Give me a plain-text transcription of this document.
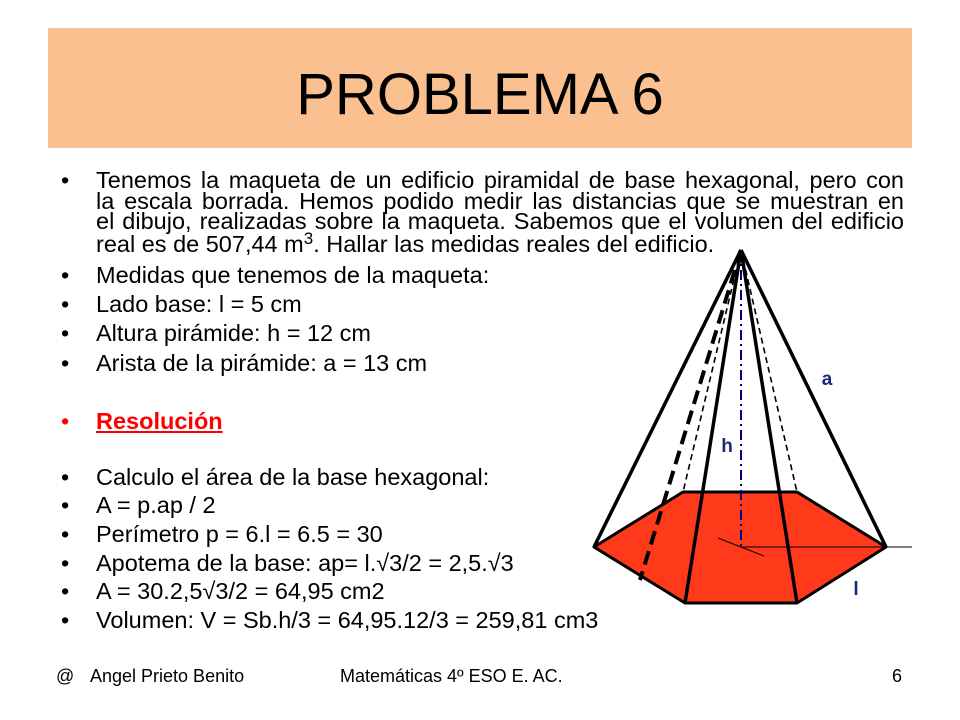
PROBLEMA 6
•
Tenemos la maqueta de un edificio piramidal de base hexagonal, pero con
la escala borrada. Hemos podido medir las distancias que se muestran en
el dibujo, realizadas sobre la maqueta. Sabemos que el volumen del edificio
real es de 507,44 $m^3$. Hallar las medidas reales del edificio.
•
Medidas que tenemos de la maqueta:
•
Lado base: l = 5 cm
•
Altura pirámide: h = 12 cm
•
Arista de la pirámide: a = 13 cm
•
Resolución
•
Calculo el área de la base hexagonal:
•
A = p.ap / 2
•
Perímetro p = 6.l = 6.5 = 30
•
Apotema de la base: ap= l.√3/2 = 2,5.√3
•
A = 30.2,5√3/2 = 64,95 cm2
•
Volumen: V = Sb.h/3 = 64,95.12/3 = 259,81 cm3
a
h
l
@ Angel Prieto Benito	Matemáticas 4º ESO E. AC.	6
